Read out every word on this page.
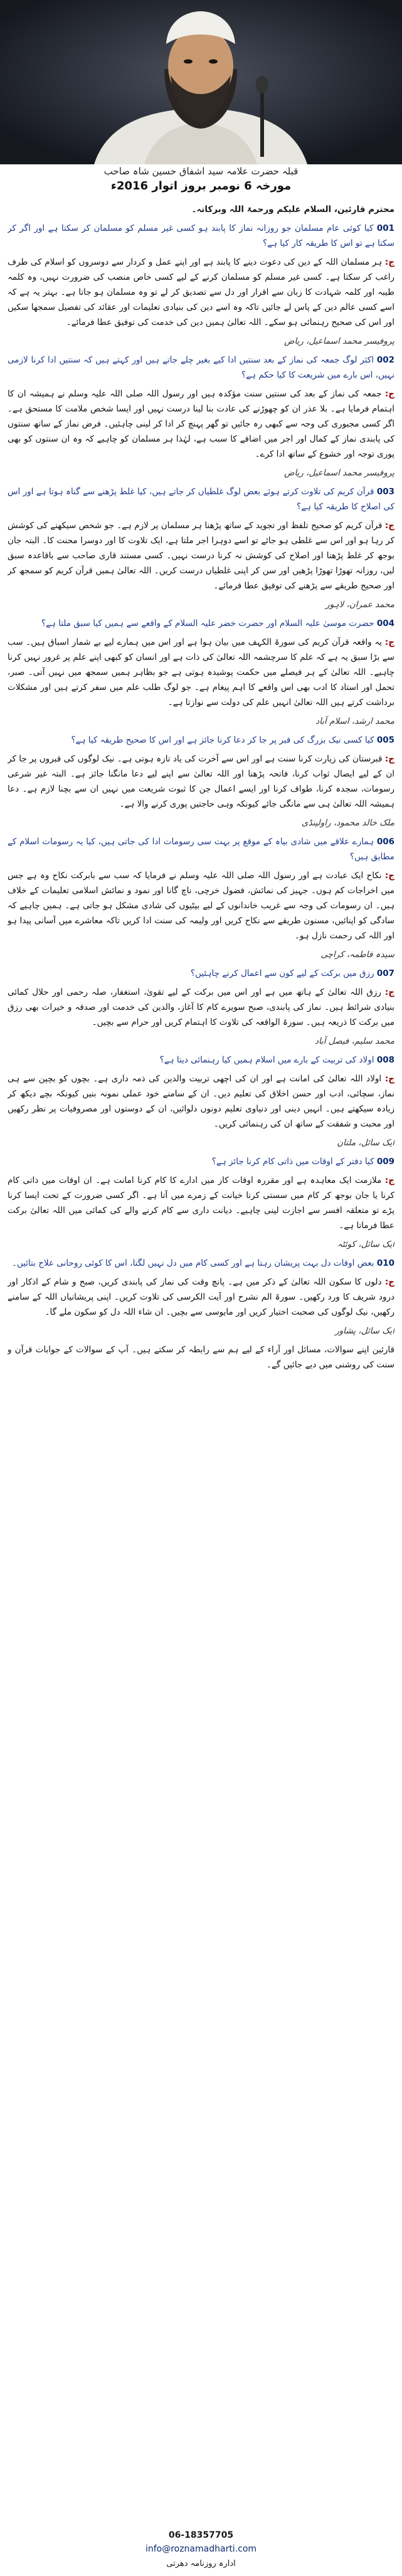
قبلہ حضرت علامہ سید اشفاق حسین شاہ صاحب
مورخہ 6 نومبر بروز اتوار 2016ء

محترم قارئین، السلام علیکم ورحمۃ اللہ وبرکاتہ۔

001 کیا کوئی عام مسلمان جو روزانہ نماز کا پابند ہو کسی غیر مسلم کو مسلمان کر سکتا ہے اور اگر کر سکتا ہے تو اس کا طریقہ کار کیا ہے؟

ج: ہر مسلمان اللہ کے دین کی دعوت دینے کا پابند ہے اور اپنے عمل و کردار سے دوسروں کو اسلام کی طرف راغب کر سکتا ہے۔ کسی غیر مسلم کو مسلمان کرنے کے لیے کسی خاص منصب کی ضرورت نہیں، وہ کلمہ طیبہ اور کلمہ شہادت کا زبان سے اقرار اور دل سے تصدیق کر لے تو وہ مسلمان ہو جاتا ہے۔ بہتر یہ ہے کہ اسے کسی عالم دین کے پاس لے جائیں تاکہ وہ اسے دین کی بنیادی تعلیمات اور عقائد کی تفصیل سمجھا سکیں اور اس کی صحیح رہنمائی ہو سکے۔ اللہ تعالیٰ ہمیں دین کی خدمت کی توفیق عطا فرمائے۔

پروفیسر محمد اسماعیل، ریاض

002 اکثر لوگ جمعہ کی نماز کے بعد سنتیں ادا کیے بغیر چلے جاتے ہیں اور کہتے ہیں کہ سنتیں ادا کرنا لازمی نہیں، اس بارے میں شریعت کا کیا حکم ہے؟

ج: جمعہ کی نماز کے بعد کی سنتیں سنت مؤکدہ ہیں اور رسول اللہ صلی اللہ علیہ وسلم نے ہمیشہ ان کا اہتمام فرمایا ہے۔ بلا عذر ان کو چھوڑنے کی عادت بنا لینا درست نہیں اور ایسا شخص ملامت کا مستحق ہے۔ اگر کسی مجبوری کی وجہ سے کبھی رہ جائیں تو گھر پہنچ کر ادا کر لینی چاہئیں۔ فرض نماز کے ساتھ سنتوں کی پابندی نماز کے کمال اور اجر میں اضافے کا سبب ہے، لہٰذا ہر مسلمان کو چاہیے کہ وہ ان سنتوں کو بھی پوری توجہ اور خشوع کے ساتھ ادا کرے۔

پروفیسر محمد اسماعیل، ریاض

003 قرآن کریم کی تلاوت کرتے ہوئے بعض لوگ غلطیاں کر جاتے ہیں، کیا غلط پڑھنے سے گناہ ہوتا ہے اور اس کی اصلاح کا طریقہ کیا ہے؟

ج: قرآن کریم کو صحیح تلفظ اور تجوید کے ساتھ پڑھنا ہر مسلمان پر لازم ہے۔ جو شخص سیکھنے کی کوشش کر رہا ہو اور اس سے غلطی ہو جائے تو اسے دوہرا اجر ملتا ہے، ایک تلاوت کا اور دوسرا محنت کا۔ البتہ جان بوجھ کر غلط پڑھنا اور اصلاح کی کوشش نہ کرنا درست نہیں۔ کسی مستند قاری صاحب سے باقاعدہ سبق لیں، روزانہ تھوڑا تھوڑا پڑھیں اور سن کر اپنی غلطیاں درست کریں۔ اللہ تعالیٰ ہمیں قرآن کریم کو سمجھ کر اور صحیح طریقے سے پڑھنے کی توفیق عطا فرمائے۔

محمد عمران، لاہور

004 حضرت موسیٰ علیہ السلام اور حضرت خضر علیہ السلام کے واقعے سے ہمیں کیا سبق ملتا ہے؟

ج: یہ واقعہ قرآن کریم کی سورۃ الکہف میں بیان ہوا ہے اور اس میں ہمارے لیے بے شمار اسباق ہیں۔ سب سے بڑا سبق یہ ہے کہ علم کا سرچشمہ اللہ تعالیٰ کی ذات ہے اور انسان کو کبھی اپنے علم پر غرور نہیں کرنا چاہیے۔ اللہ تعالیٰ کے ہر فیصلے میں حکمت پوشیدہ ہوتی ہے جو بظاہر ہمیں سمجھ میں نہیں آتی۔ صبر، تحمل اور استاد کا ادب بھی اس واقعے کا اہم پیغام ہے۔ جو لوگ طلب علم میں سفر کرتے ہیں اور مشکلات برداشت کرتے ہیں اللہ تعالیٰ انہیں علم کی دولت سے نوازتا ہے۔

محمد ارشد، اسلام آباد

005 کیا کسی نیک بزرگ کی قبر پر جا کر دعا کرنا جائز ہے اور اس کا صحیح طریقہ کیا ہے؟

ج: قبرستان کی زیارت کرنا سنت ہے اور اس سے آخرت کی یاد تازہ ہوتی ہے۔ نیک لوگوں کی قبروں پر جا کر ان کے لیے ایصال ثواب کرنا، فاتحہ پڑھنا اور اللہ تعالیٰ سے اپنے لیے دعا مانگنا جائز ہے۔ البتہ غیر شرعی رسومات، سجدہ کرنا، طواف کرنا اور ایسے اعمال جن کا ثبوت شریعت میں نہیں ان سے بچنا لازم ہے۔ دعا ہمیشہ اللہ تعالیٰ ہی سے مانگی جائے کیونکہ وہی حاجتیں پوری کرنے والا ہے۔

ملک خالد محمود، راولپنڈی

006 ہمارے علاقے میں شادی بیاہ کے موقع پر بہت سی رسومات ادا کی جاتی ہیں، کیا یہ رسومات اسلام کے مطابق ہیں؟

ج: نکاح ایک عبادت ہے اور رسول اللہ صلی اللہ علیہ وسلم نے فرمایا کہ سب سے بابرکت نکاح وہ ہے جس میں اخراجات کم ہوں۔ جہیز کی نمائش، فضول خرچی، ناچ گانا اور نمود و نمائش اسلامی تعلیمات کے خلاف ہیں۔ ان رسومات کی وجہ سے غریب خاندانوں کے لیے بیٹیوں کی شادی مشکل ہو جاتی ہے۔ ہمیں چاہیے کہ سادگی کو اپنائیں، مسنون طریقے سے نکاح کریں اور ولیمہ کی سنت ادا کریں تاکہ معاشرے میں آسانی پیدا ہو اور اللہ کی رحمت نازل ہو۔

سیدہ فاطمہ، کراچی

007 رزق میں برکت کے لیے کون سے اعمال کرنے چاہئیں؟

ج: رزق اللہ تعالیٰ کے ہاتھ میں ہے اور اس میں برکت کے لیے تقویٰ، استغفار، صلہ رحمی اور حلال کمائی بنیادی شرائط ہیں۔ نماز کی پابندی، صبح سویرے کام کا آغاز، والدین کی خدمت اور صدقہ و خیرات بھی رزق میں برکت کا ذریعہ ہیں۔ سورۃ الواقعہ کی تلاوت کا اہتمام کریں اور حرام سے بچیں۔

محمد سلیم، فیصل آباد

008 اولاد کی تربیت کے بارے میں اسلام ہمیں کیا رہنمائی دیتا ہے؟

ج: اولاد اللہ تعالیٰ کی امانت ہے اور ان کی اچھی تربیت والدین کی ذمہ داری ہے۔ بچوں کو بچپن سے ہی نماز، سچائی، ادب اور حسن اخلاق کی تعلیم دیں۔ ان کے سامنے خود عملی نمونہ بنیں کیونکہ بچے دیکھ کر زیادہ سیکھتے ہیں۔ انہیں دینی اور دنیاوی تعلیم دونوں دلوائیں، ان کے دوستوں اور مصروفیات پر نظر رکھیں اور محبت و شفقت کے ساتھ ان کی رہنمائی کریں۔

ایک سائل، ملتان

009 کیا دفتر کے اوقات میں ذاتی کام کرنا جائز ہے؟

ج: ملازمت ایک معاہدہ ہے اور مقررہ اوقات کار میں ادارے کا کام کرنا امانت ہے۔ ان اوقات میں ذاتی کام کرنا یا جان بوجھ کر کام میں سستی کرنا خیانت کے زمرے میں آتا ہے۔ اگر کسی ضرورت کے تحت ایسا کرنا پڑے تو متعلقہ افسر سے اجازت لینی چاہیے۔ دیانت داری سے کام کرنے والے کی کمائی میں اللہ تعالیٰ برکت عطا فرماتا ہے۔

ایک سائل، کوئٹہ

010 بعض اوقات دل بہت پریشان رہتا ہے اور کسی کام میں دل نہیں لگتا، اس کا کوئی روحانی علاج بتائیں۔

ج: دلوں کا سکون اللہ تعالیٰ کے ذکر میں ہے۔ پانچ وقت کی نماز کی پابندی کریں، صبح و شام کے اذکار اور درود شریف کا ورد رکھیں۔ سورۃ الم نشرح اور آیت الکرسی کی تلاوت کریں۔ اپنی پریشانیاں اللہ کے سامنے رکھیں، نیک لوگوں کی صحبت اختیار کریں اور مایوسی سے بچیں۔ ان شاء اللہ دل کو سکون ملے گا۔

ایک سائل، پشاور

قارئین اپنے سوالات، مسائل اور آراء کے لیے ہم سے رابطہ کر سکتے ہیں۔ آپ کے سوالات کے جوابات قرآن و سنت کی روشنی میں دیے جائیں گے۔

06-18357705
info@roznamadharti.com
ادارہ روزنامہ دھرتی
